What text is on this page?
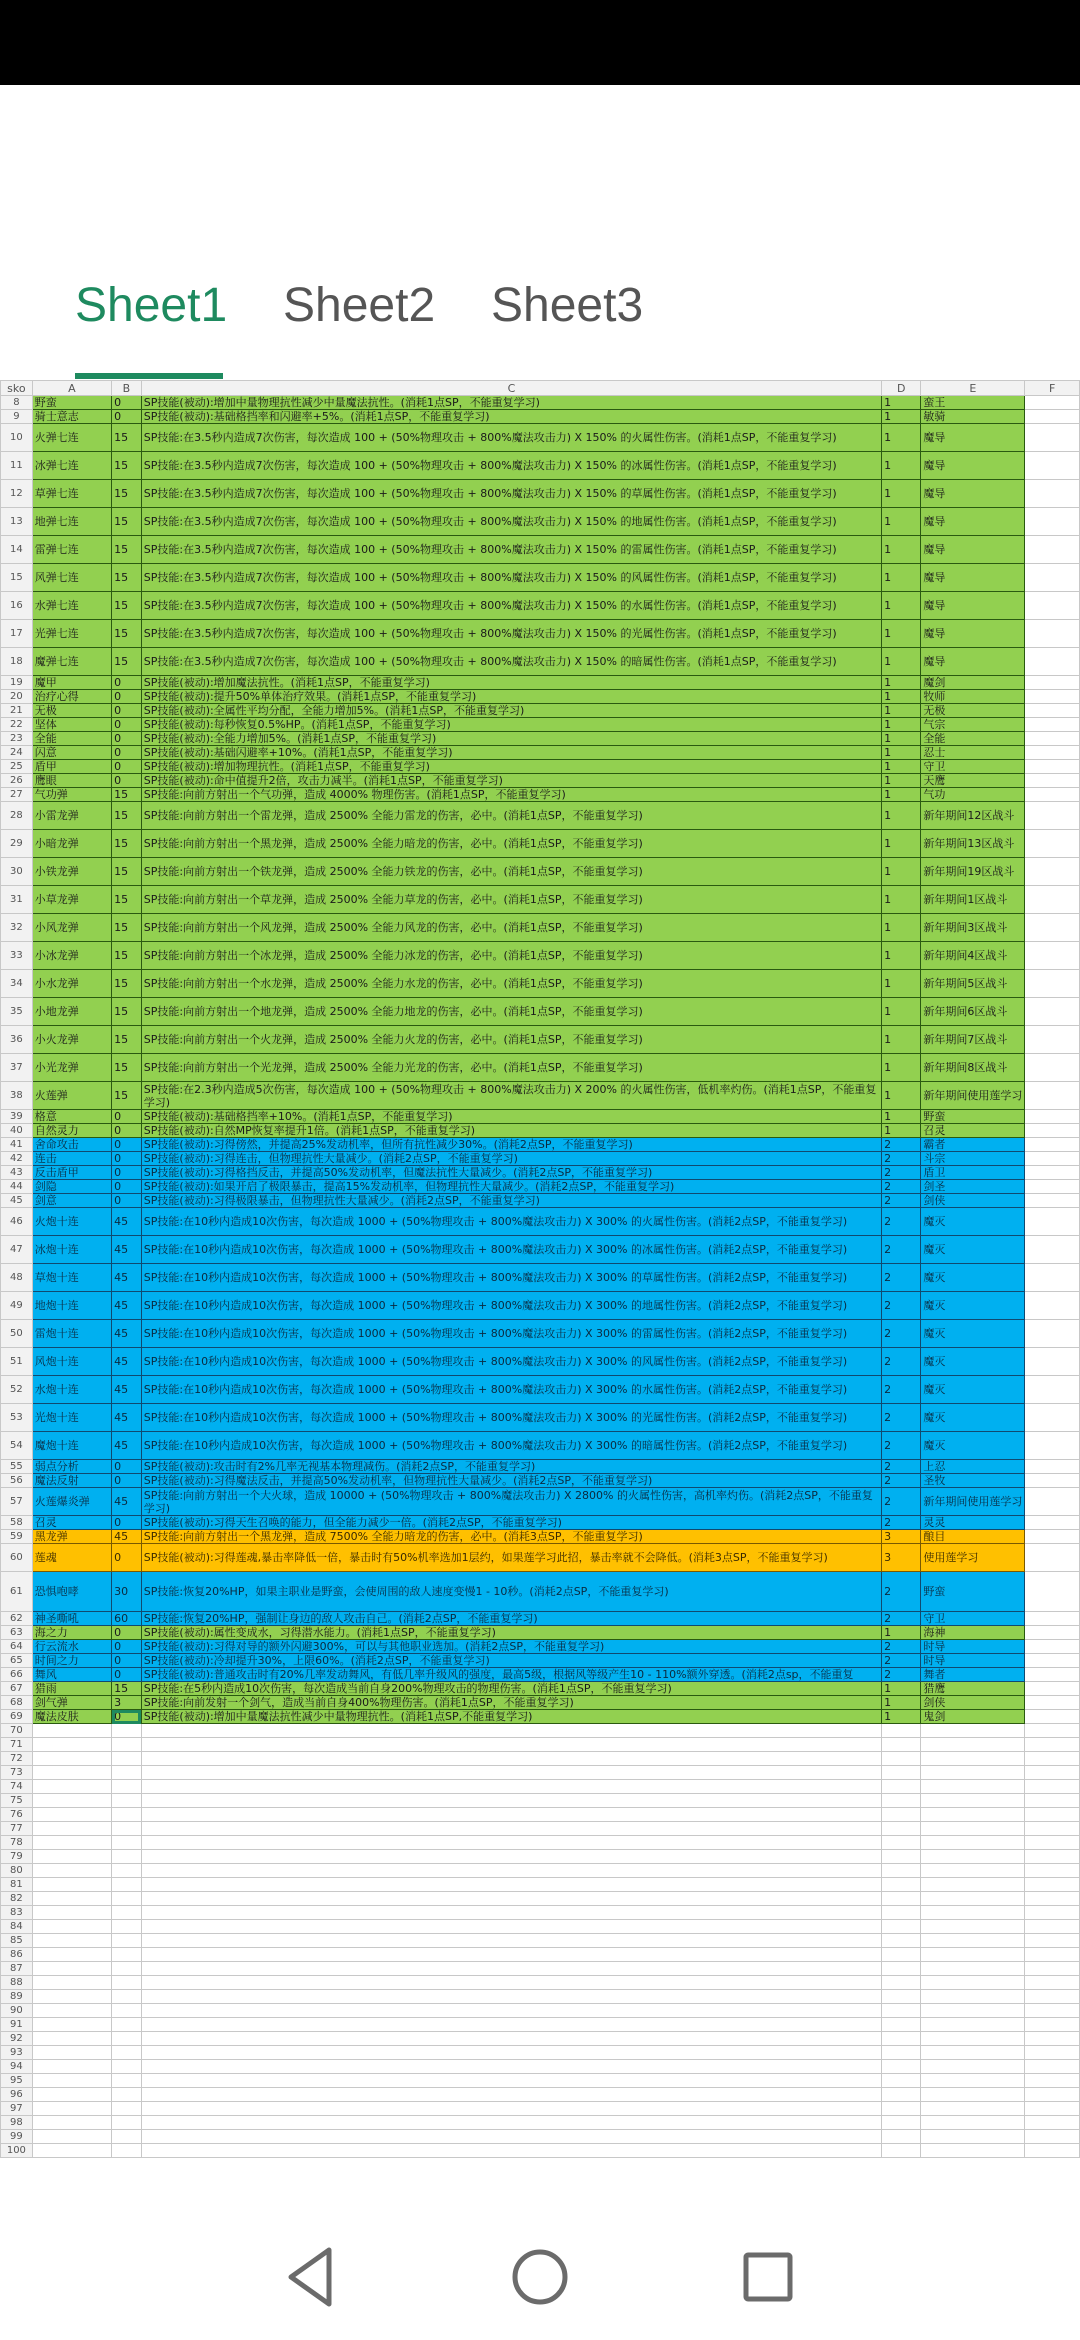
Sheet1 Sheet2 Sheet3
sko	A	B	C	D	E	F
8	野蛮	0	SP技能(被动):增加中量物理抗性减少中量魔法抗性。(消耗1点SP，不能重复学习)	1	蛮王	
9	骑士意志	0	SP技能(被动):基础格挡率和闪避率+5%。(消耗1点SP，不能重复学习)	1	敏骑	
10	火弹七连	15	SP技能:在3.5秒内造成7次伤害，每次造成 100 + (50%物理攻击 + 800%魔法攻击力) X 150% 的火属性伤害。(消耗1点SP，不能重复学习)	1	魔导	
11	冰弹七连	15	SP技能:在3.5秒内造成7次伤害，每次造成 100 + (50%物理攻击 + 800%魔法攻击力) X 150% 的冰属性伤害。(消耗1点SP，不能重复学习)	1	魔导	
12	草弹七连	15	SP技能:在3.5秒内造成7次伤害，每次造成 100 + (50%物理攻击 + 800%魔法攻击力) X 150% 的草属性伤害。(消耗1点SP，不能重复学习)	1	魔导	
13	地弹七连	15	SP技能:在3.5秒内造成7次伤害，每次造成 100 + (50%物理攻击 + 800%魔法攻击力) X 150% 的地属性伤害。(消耗1点SP，不能重复学习)	1	魔导	
14	雷弹七连	15	SP技能:在3.5秒内造成7次伤害，每次造成 100 + (50%物理攻击 + 800%魔法攻击力) X 150% 的雷属性伤害。(消耗1点SP，不能重复学习)	1	魔导	
15	风弹七连	15	SP技能:在3.5秒内造成7次伤害，每次造成 100 + (50%物理攻击 + 800%魔法攻击力) X 150% 的风属性伤害。(消耗1点SP，不能重复学习)	1	魔导	
16	水弹七连	15	SP技能:在3.5秒内造成7次伤害，每次造成 100 + (50%物理攻击 + 800%魔法攻击力) X 150% 的水属性伤害。(消耗1点SP，不能重复学习)	1	魔导	
17	光弹七连	15	SP技能:在3.5秒内造成7次伤害，每次造成 100 + (50%物理攻击 + 800%魔法攻击力) X 150% 的光属性伤害。(消耗1点SP，不能重复学习)	1	魔导	
18	魔弹七连	15	SP技能:在3.5秒内造成7次伤害，每次造成 100 + (50%物理攻击 + 800%魔法攻击力) X 150% 的暗属性伤害。(消耗1点SP，不能重复学习)	1	魔导	
19	魔甲	0	SP技能(被动):增加魔法抗性。(消耗1点SP，不能重复学习)	1	魔剑	
20	治疗心得	0	SP技能(被动):提升50%单体治疗效果。(消耗1点SP，不能重复学习)	1	牧师	
21	无极	0	SP技能(被动):全属性平均分配，全能力增加5%。(消耗1点SP，不能重复学习)	1	无极	
22	坚体	0	SP技能(被动):每秒恢复0.5%HP。(消耗1点SP，不能重复学习)	1	气宗	
23	全能	0	SP技能(被动):全能力增加5%。(消耗1点SP，不能重复学习)	1	全能	
24	闪意	0	SP技能(被动):基础闪避率+10%。(消耗1点SP，不能重复学习)	1	忍士	
25	盾甲	0	SP技能(被动):增加物理抗性。(消耗1点SP，不能重复学习)	1	守卫	
26	鹰眼	0	SP技能(被动):命中值提升2倍，攻击力减半。(消耗1点SP，不能重复学习)	1	天鹰	
27	气功弹	15	SP技能:向前方射出一个气功弹，造成 4000% 物理伤害。(消耗1点SP，不能重复学习)	1	气功	
28	小雷龙弹	15	SP技能:向前方射出一个雷龙弹，造成 2500% 全能力雷龙的伤害，必中。(消耗1点SP，不能重复学习)	1	新年期间12区战斗	
29	小暗龙弹	15	SP技能:向前方射出一个黑龙弹，造成 2500% 全能力暗龙的伤害，必中。(消耗1点SP，不能重复学习)	1	新年期间13区战斗	
30	小铁龙弹	15	SP技能:向前方射出一个铁龙弹，造成 2500% 全能力铁龙的伤害，必中。(消耗1点SP，不能重复学习)	1	新年期间19区战斗	
31	小草龙弹	15	SP技能:向前方射出一个草龙弹，造成 2500% 全能力草龙的伤害，必中。(消耗1点SP，不能重复学习)	1	新年期间1区战斗	
32	小风龙弹	15	SP技能:向前方射出一个风龙弹，造成 2500% 全能力风龙的伤害，必中。(消耗1点SP，不能重复学习)	1	新年期间3区战斗	
33	小冰龙弹	15	SP技能:向前方射出一个冰龙弹，造成 2500% 全能力冰龙的伤害，必中。(消耗1点SP，不能重复学习)	1	新年期间4区战斗	
34	小水龙弹	15	SP技能:向前方射出一个水龙弹，造成 2500% 全能力水龙的伤害，必中。(消耗1点SP，不能重复学习)	1	新年期间5区战斗	
35	小地龙弹	15	SP技能:向前方射出一个地龙弹，造成 2500% 全能力地龙的伤害，必中。(消耗1点SP，不能重复学习)	1	新年期间6区战斗	
36	小火龙弹	15	SP技能:向前方射出一个火龙弹，造成 2500% 全能力火龙的伤害，必中。(消耗1点SP，不能重复学习)	1	新年期间7区战斗	
37	小光龙弹	15	SP技能:向前方射出一个光龙弹，造成 2500% 全能力光龙的伤害，必中。(消耗1点SP，不能重复学习)	1	新年期间8区战斗	
38	火莲弹	15	SP技能:在2.3秒内造成5次伤害，每次造成 100 + (50%物理攻击 + 800%魔法攻击力) X 200% 的火属性伤害，低机率灼伤。(消耗1点SP，不能重复学习)	1	新年期间使用莲学习	
39	格意	0	SP技能(被动):基础格挡率+10%。(消耗1点SP，不能重复学习)	1	野蛮	
40	自然灵力	0	SP技能(被动):自然MP恢复率提升1倍。(消耗1点SP，不能重复学习)	1	召灵	
41	舍命攻击	0	SP技能(被动):习得傍然，并提高25%发动机率，但所有抗性减少30%。(消耗2点SP，不能重复学习)	2	霸者	
42	连击	0	SP技能(被动):习得连击，但物理抗性大量减少。(消耗2点SP，不能重复学习)	2	斗宗	
43	反击盾甲	0	SP技能(被动):习得格挡反击，并提高50%发动机率，但魔法抗性大量减少。(消耗2点SP，不能重复学习)	2	盾卫	
44	剑隐	0	SP技能(被动):如果开启了极限暴击，提高15%发动机率，但物理抗性大量减少。(消耗2点SP，不能重复学习)	2	剑圣	
45	剑意	0	SP技能(被动):习得极限暴击，但物理抗性大量减少。(消耗2点SP，不能重复学习)	2	剑侠	
46	火炮十连	45	SP技能:在10秒内造成10次伤害，每次造成 1000 + (50%物理攻击 + 800%魔法攻击力) X 300% 的火属性伤害。(消耗2点SP，不能重复学习)	2	魔灭	
47	冰炮十连	45	SP技能:在10秒内造成10次伤害，每次造成 1000 + (50%物理攻击 + 800%魔法攻击力) X 300% 的冰属性伤害。(消耗2点SP，不能重复学习)	2	魔灭	
48	草炮十连	45	SP技能:在10秒内造成10次伤害，每次造成 1000 + (50%物理攻击 + 800%魔法攻击力) X 300% 的草属性伤害。(消耗2点SP，不能重复学习)	2	魔灭	
49	地炮十连	45	SP技能:在10秒内造成10次伤害，每次造成 1000 + (50%物理攻击 + 800%魔法攻击力) X 300% 的地属性伤害。(消耗2点SP，不能重复学习)	2	魔灭	
50	雷炮十连	45	SP技能:在10秒内造成10次伤害，每次造成 1000 + (50%物理攻击 + 800%魔法攻击力) X 300% 的雷属性伤害。(消耗2点SP，不能重复学习)	2	魔灭	
51	风炮十连	45	SP技能:在10秒内造成10次伤害，每次造成 1000 + (50%物理攻击 + 800%魔法攻击力) X 300% 的风属性伤害。(消耗2点SP，不能重复学习)	2	魔灭	
52	水炮十连	45	SP技能:在10秒内造成10次伤害，每次造成 1000 + (50%物理攻击 + 800%魔法攻击力) X 300% 的水属性伤害。(消耗2点SP，不能重复学习)	2	魔灭	
53	光炮十连	45	SP技能:在10秒内造成10次伤害，每次造成 1000 + (50%物理攻击 + 800%魔法攻击力) X 300% 的光属性伤害。(消耗2点SP，不能重复学习)	2	魔灭	
54	魔炮十连	45	SP技能:在10秒内造成10次伤害，每次造成 1000 + (50%物理攻击 + 800%魔法攻击力) X 300% 的暗属性伤害。(消耗2点SP，不能重复学习)	2	魔灭	
55	弱点分析	0	SP技能(被动):攻击时有2%几率无视基本物理减伤。(消耗2点SP，不能重复学习)	2	上忍	
56	魔法反射	0	SP技能(被动):习得魔法反击，并提高50%发动机率，但物理抗性大量减少。(消耗2点SP，不能重复学习)	2	圣牧	
57	火莲爆炎弹	45	SP技能:向前方射出一个大火球，造成 10000 + (50%物理攻击 + 800%魔法攻击力) X 2800% 的火属性伤害，高机率灼伤。(消耗2点SP，不能重复学习)	2	新年期间使用莲学习	
58	召灵	0	SP技能(被动):习得天生召唤的能力，但全能力减少一倍。(消耗2点SP，不能重复学习)	2	灵灵	
59	黑龙弹	45	SP技能:向前方射出一个黑龙弹，造成 7500% 全能力暗龙的伤害，必中。(消耗3点SP，不能重复学习)	3	酿目	
60	莲魂	0	SP技能(被动):习得莲魂,暴击率降低一倍，暴击时有50%机率选加1层约，如果莲学习此招，暴击率就不会降低。(消耗3点SP，不能重复学习)	3	使用莲学习	
61	恐惧咆哮	30	SP技能:恢复20%HP，如果主职业是野蛮，会使周围的敌人速度变慢1 - 10秒。(消耗2点SP，不能重复学习)	2	野蛮	
62	神圣嘶吼	60	SP技能:恢复20%HP，强制让身边的敌人攻击自己。(消耗2点SP，不能重复学习)	2	守卫	
63	海之力	0	SP技能(被动):属性变成水，习得潜水能力。(消耗1点SP，不能重复学习)	1	海神	
64	行云流水	0	SP技能(被动):习得对导的额外闪避300%，可以与其他职业选加。(消耗2点SP，不能重复学习)	2	时导	
65	时间之力	0	SP技能(被动):冷却提升30%，上限60%。(消耗2点SP，不能重复学习)	2	时导	
66	舞风	0	SP技能(被动):普通攻击时有20%几率发动舞风，有低几率升级风的强度，最高5级，根据风等级产生10 - 110%额外穿透。(消耗2点sp，不能重复	2	舞者	
67	猎雨	15	SP技能:在5秒内造成10次伤害，每次造成当前自身200%物理攻击的物理伤害。(消耗1点SP，不能重复学习)	1	猎鹰	
68	剑气弹	3	SP技能:向前发射一个剑气，造成当前自身400%物理伤害。(消耗1点SP，不能重复学习)	1	剑侠	
69	魔法皮肤	0	SP技能(被动):增加中量魔法抗性减少中量物理抗性。(消耗1点SP,不能重复学习)	1	鬼剑	
70						
71						
72						
73						
74						
75						
76						
77						
78						
79						
80						
81						
82						
83						
84						
85						
86						
87						
88						
89						
90						
91						
92						
93						
94						
95						
96						
97						
98						
99						
100						
